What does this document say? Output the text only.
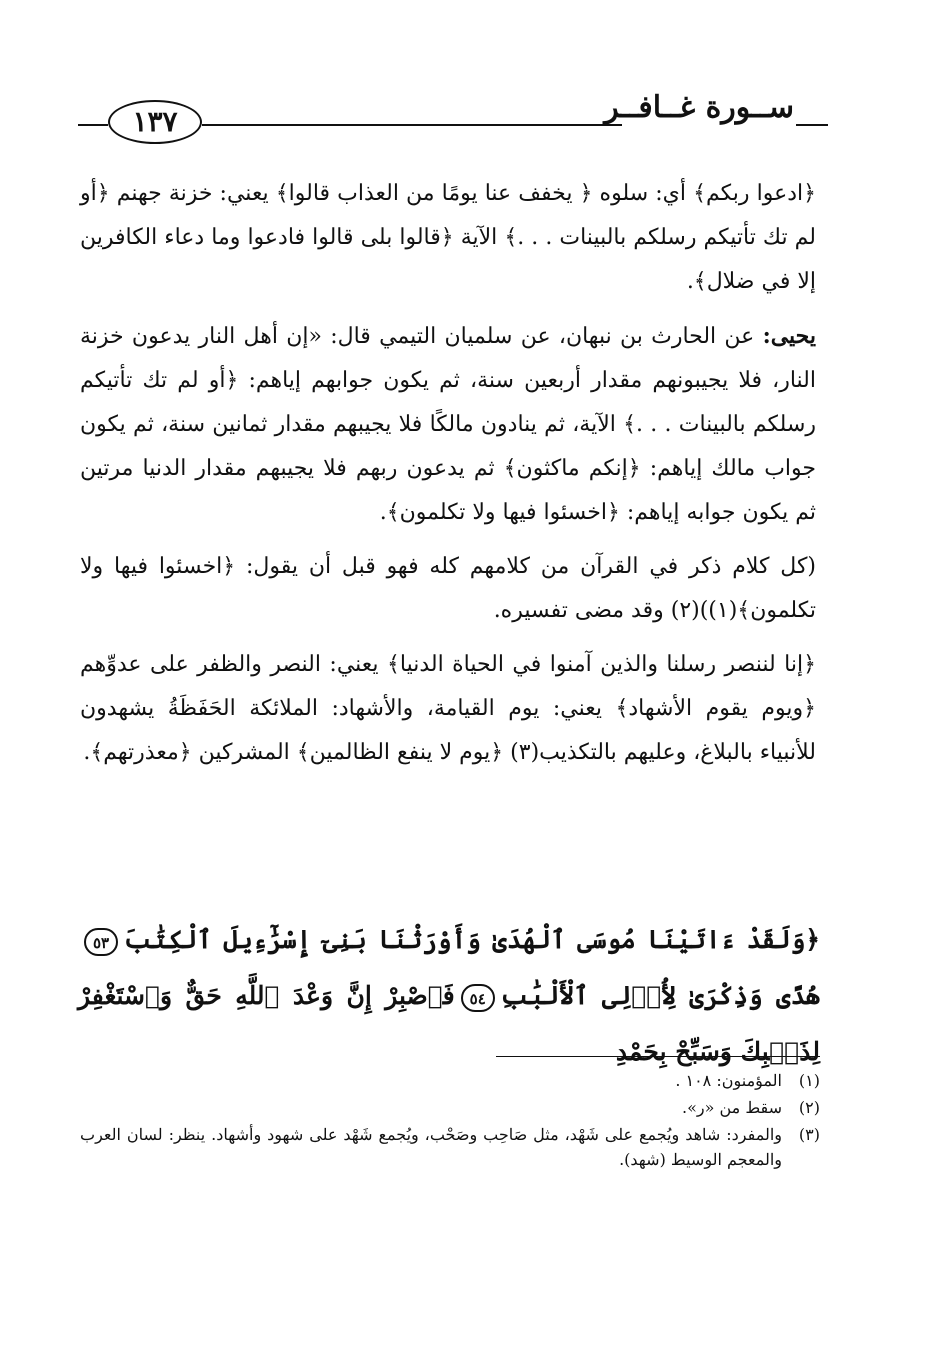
١٣٧	ســورة غــافــر

﴿ادعوا ربكم﴾ أي: سلوه ﴿ يخفف عنا يومًا من العذاب قالوا﴾ يعني: خزنة جهنم ﴿أو لم تك تأتيكم رسلكم بالبينات . . .﴾ الآية ﴿قالوا بلى قالوا فادعوا وما دعاء الكافرين إلا في ضلال﴾.

يحيى: عن الحارث بن نبهان، عن سلميان التيمي قال: «إن أهل النار يدعون خزنة النار، فلا يجيبونهم مقدار أربعين سنة، ثم يكون جوابهم إياهم: ﴿أو لم تك تأتيكم رسلكم بالبينات . . .﴾ الآية، ثم ينادون مالكًا فلا يجيبهم مقدار ثمانين سنة، ثم يكون جواب مالك إياهم: ﴿إنكم ماكثون﴾ ثم يدعون ربهم فلا يجيبهم مقدار الدنيا مرتين ثم يكون جوابه إياهم: ﴿اخسئوا فيها ولا تكلمون﴾.

(كل كلام ذكر في القرآن من كلامهم كله فهو قبل أن يقول: ﴿اخسئوا فيها ولا تكلمون﴾(١))(٢) وقد مضى تفسيره.

﴿إنا لننصر رسلنا والذين آمنوا في الحياة الدنيا﴾ يعني: النصر والظفر على عدوِّهم ﴿ويوم يقوم الأشهاد﴾ يعني: يوم القيامة، والأشهاد: الملائكة الحَفَظَةُ يشهدون للأنبياء بالبلاغ، وعليهم بالتكذيب(٣) ﴿يوم لا ينفع الظالمين﴾ المشركين ﴿معذرتهم﴾.

﴿وَلَقَدْ ءَاتَيْنَا مُوسَى ٱلْهُدَىٰ وَأَوْرَثْنَا بَنِىٓ إِسْرَٰٓءِيلَ ٱلْكِتَٰبَ٥٣هُدًى وَذِكْرَىٰ لِأُو۟لِى ٱلْأَلْبَٰبِ٥٤فَٱصْبِرْ إِنَّ وَعْدَ ٱللَّهِ حَقٌّ وَٱسْتَغْفِرْ لِذَنۢبِكَ وَسَبِّحْ بِحَمْدِ
(١)
المؤمنون: ١٠٨ .
(٢)
سقط من «ر».
(٣)
والمفرد: شاهد ويُجمع على شَهْد، مثل صَاحِب وصَحْب، ويُجمع شَهْد على شهود وأشهاد. ينظر: لسان العرب والمعجم الوسيط (شهد).
